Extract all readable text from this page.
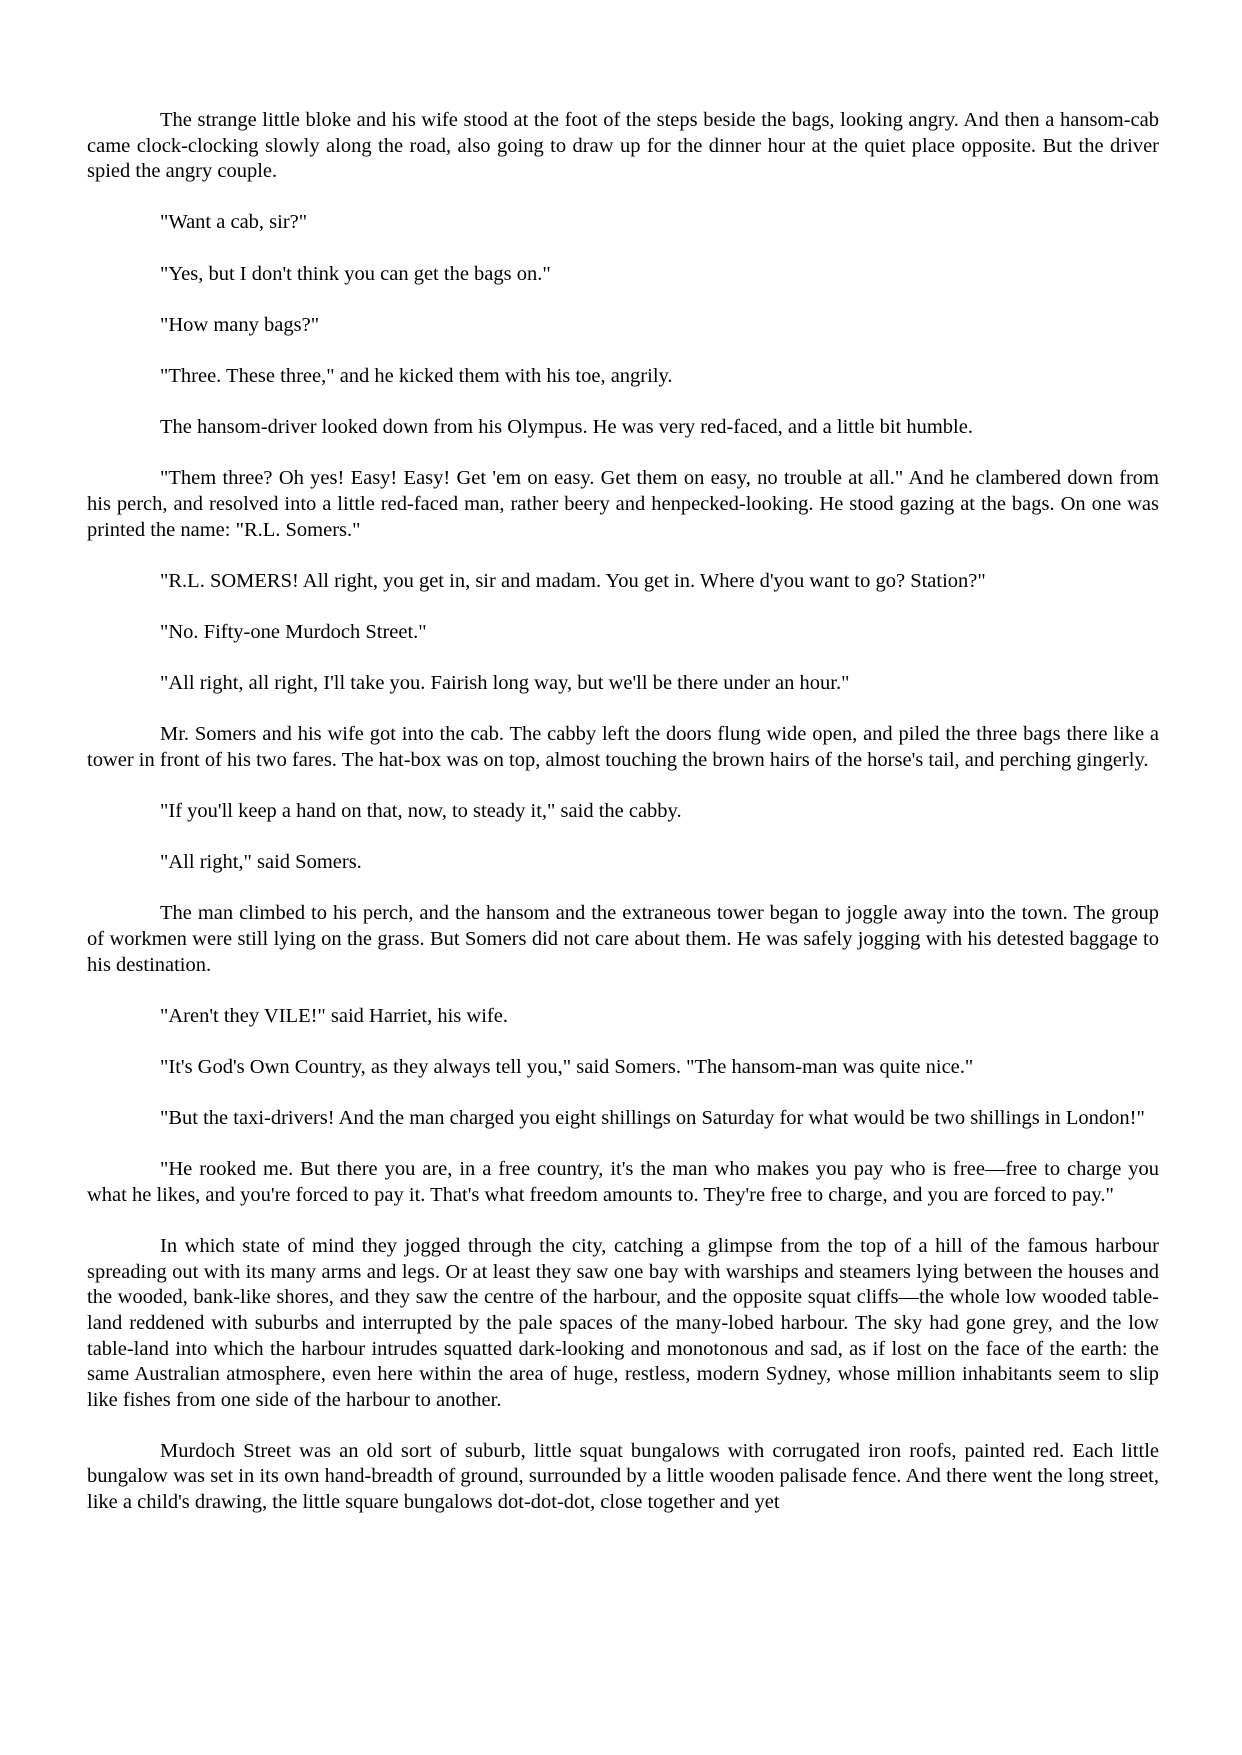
The strange little bloke and his wife stood at the foot of the steps beside the bags, looking angry. And then a hansom-cab came clock-clocking slowly along the road, also going to draw up for the dinner hour at the quiet place opposite. But the driver spied the angry couple.

"Want a cab, sir?"

"Yes, but I don't think you can get the bags on."

"How many bags?"

"Three. These three," and he kicked them with his toe, angrily.

The hansom-driver looked down from his Olympus. He was very red-faced, and a little bit humble.

"Them three? Oh yes! Easy! Easy! Get 'em on easy. Get them on easy, no trouble at all." And he clambered down from his perch, and resolved into a little red-faced man, rather beery and henpecked-looking. He stood gazing at the bags. On one was printed the name: "R.L. Somers."

"R.L. SOMERS! All right, you get in, sir and madam. You get in. Where d'you want to go? Station?"

"No. Fifty-one Murdoch Street."

"All right, all right, I'll take you. Fairish long way, but we'll be there under an hour."

Mr. Somers and his wife got into the cab. The cabby left the doors flung wide open, and piled the three bags there like a tower in front of his two fares. The hat-box was on top, almost touching the brown hairs of the horse's tail, and perching gingerly.

"If you'll keep a hand on that, now, to steady it," said the cabby.

"All right," said Somers.

The man climbed to his perch, and the hansom and the extraneous tower began to joggle away into the town. The group of workmen were still lying on the grass. But Somers did not care about them. He was safely jogging with his detested baggage to his destination.

"Aren't they VILE!" said Harriet, his wife.

"It's God's Own Country, as they always tell you," said Somers. "The hansom-man was quite nice."

"But the taxi-drivers! And the man charged you eight shillings on Saturday for what would be two shillings in London!"

"He rooked me. But there you are, in a free country, it's the man who makes you pay who is free—free to charge you what he likes, and you're forced to pay it. That's what freedom amounts to. They're free to charge, and you are forced to pay."

In which state of mind they jogged through the city, catching a glimpse from the top of a hill of the famous harbour spreading out with its many arms and legs. Or at least they saw one bay with warships and steamers lying between the houses and the wooded, bank-like shores, and they saw the centre of the harbour, and the opposite squat cliffs—the whole low wooded table-land reddened with suburbs and interrupted by the pale spaces of the many-lobed harbour. The sky had gone grey, and the low table-land into which the harbour intrudes squatted dark-looking and monotonous and sad, as if lost on the face of the earth: the same Australian atmosphere, even here within the area of huge, restless, modern Sydney, whose million inhabitants seem to slip like fishes from one side of the harbour to another.

Murdoch Street was an old sort of suburb, little squat bungalows with corrugated iron roofs, painted red. Each little bungalow was set in its own hand-breadth of ground, surrounded by a little wooden palisade fence. And there went the long street, like a child's drawing, the little square bungalows dot-dot-dot, close together and yet
